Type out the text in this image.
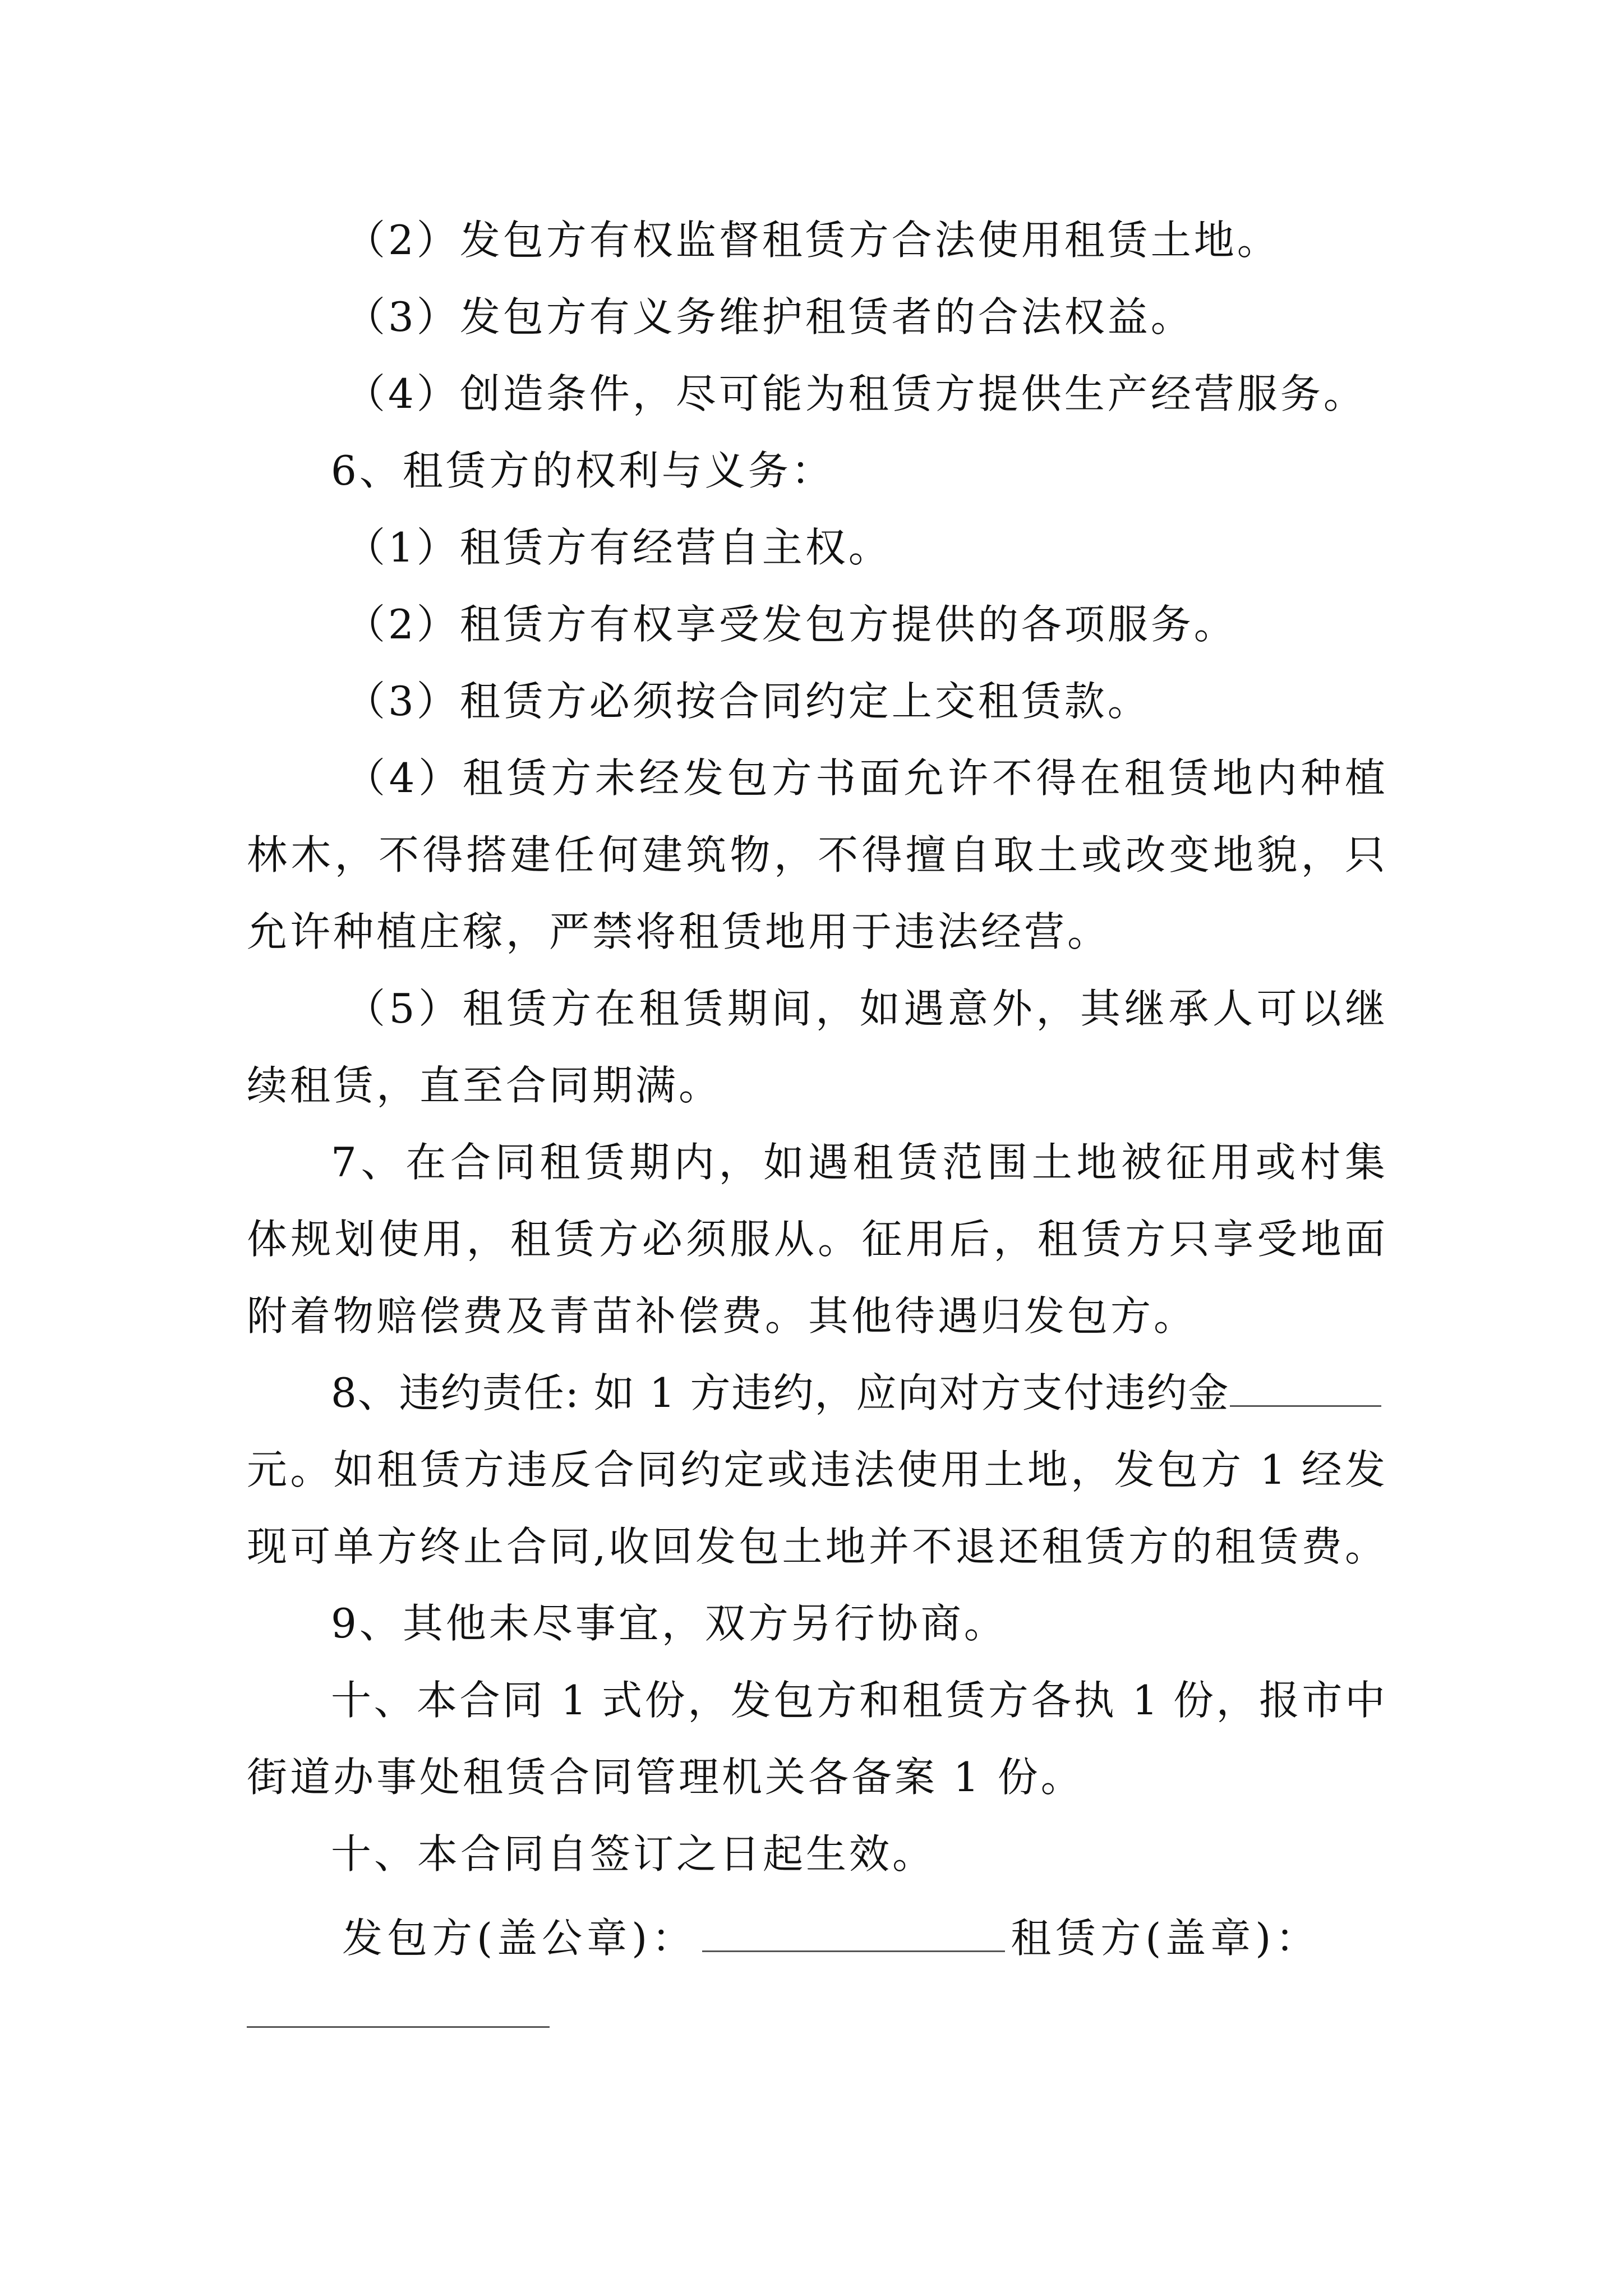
（2）发包方有权监督租赁方合法使用租赁土地。
（3）发包方有义务维护租赁者的合法权益。
（4）创造条件，尽可能为租赁方提供生产经营服务。
6、租赁方的权利与义务：
（1）租赁方有经营自主权。
（2）租赁方有权享受发包方提供的各项服务。
（3）租赁方必须按合同约定上交租赁款。
（4）租赁方未经发包方书面允许不得在租赁地内种植
林木，不得搭建任何建筑物，不得擅自取土或改变地貌，只
允许种植庄稼，严禁将租赁地用于违法经营。
（5）租赁方在租赁期间，如遇意外，其继承人可以继
续租赁，直至合同期满。
7、在合同租赁期内，如遇租赁范围土地被征用或村集
体规划使用，租赁方必须服从。征用后，租赁方只享受地面
附着物赔偿费及青苗补偿费。其他待遇归发包方。
8、违约责任: 如 1 方违约，应向对方支付违约金
元。如租赁方违反合同约定或违法使用土地，发包方 1 经发
现可单方终止合同,收回发包土地并不退还租赁方的租赁费。
9、其他未尽事宜，双方另行协商。
十、本合同 1 式份，发包方和租赁方各执 1 份，报市中
街道办事处租赁合同管理机关各备案 1 份。
十、本合同自签订之日起生效。
发包方(盖公章)：	租赁方(盖章)：
